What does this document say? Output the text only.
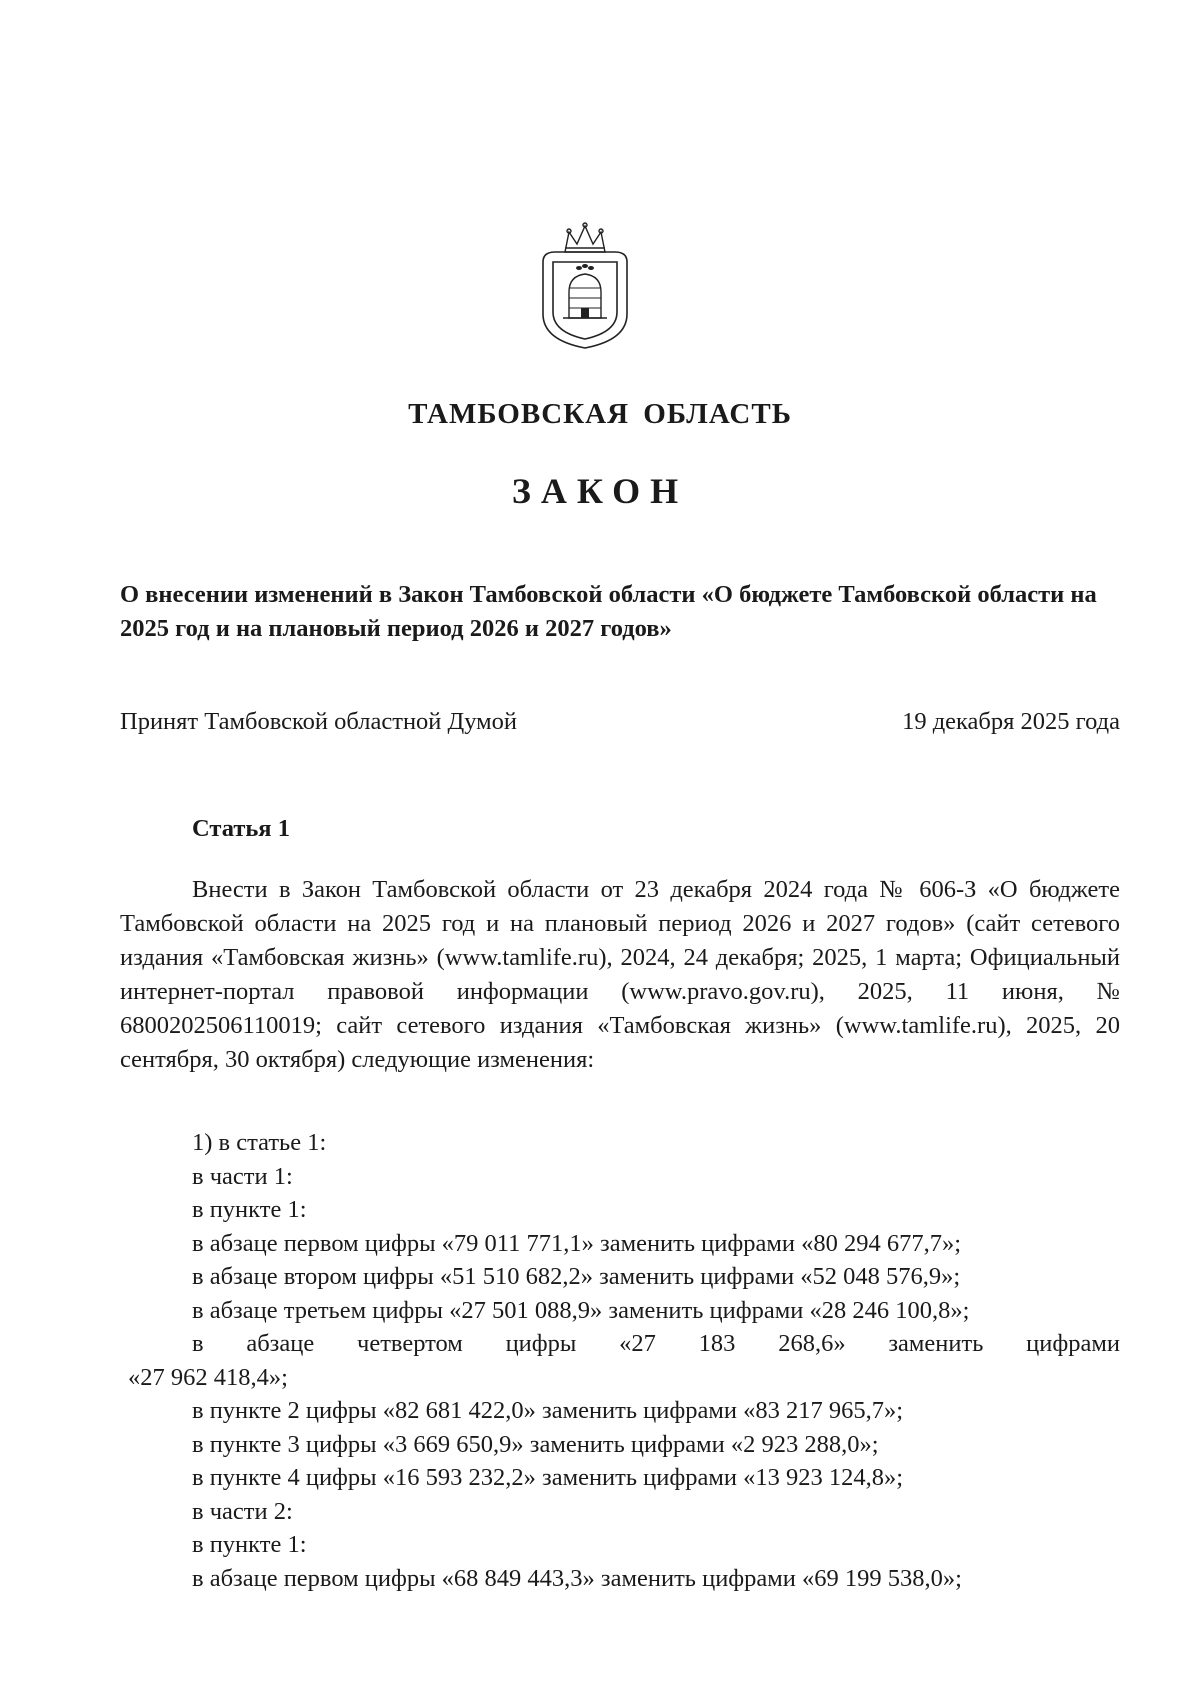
ТАМБОВСКАЯ ОБЛАСТЬ
ЗАКОН
О внесении изменений в Закон Тамбовской области «О бюджете Тамбовской области на 2025 год и на плановый период 2026 и 2027 годов»
Принят Тамбовской областной Думой	19 декабря 2025 года
Статья 1
Внести в Закон Тамбовской области от 23 декабря 2024 года № 606-З «О бюджете Тамбовской области на 2025 год и на плановый период 2026 и 2027 годов» (сайт сетевого издания «Тамбовская жизнь» (www.tamlife.ru), 2024, 24 декабря; 2025, 1 марта; Официальный интернет-портал правовой информации (www.pravo.gov.ru), 2025, 11 июня, № 6800202506110019; сайт сетевого издания «Тамбовская жизнь» (www.tamlife.ru), 2025, 20 сентября, 30 октября) следующие изменения:
1) в статье 1:
в части 1:
в пункте 1:
в абзаце первом цифры «79 011 771,1» заменить цифрами «80 294 677,7»;
в абзаце втором цифры «51 510 682,2» заменить цифрами «52 048 576,9»;
в абзаце третьем цифры «27 501 088,9» заменить цифрами «28 246 100,8»;
в абзаце четвертом цифры «27 183 268,6» заменить цифрами
«27 962 418,4»;
в пункте 2 цифры «82 681 422,0» заменить цифрами «83 217 965,7»;
в пункте 3 цифры «3 669 650,9» заменить цифрами «2 923 288,0»;
в пункте 4 цифры «16 593 232,2» заменить цифрами «13 923 124,8»;
в части 2:
в пункте 1:
в абзаце первом цифры «68 849 443,3» заменить цифрами «69 199 538,0»;
